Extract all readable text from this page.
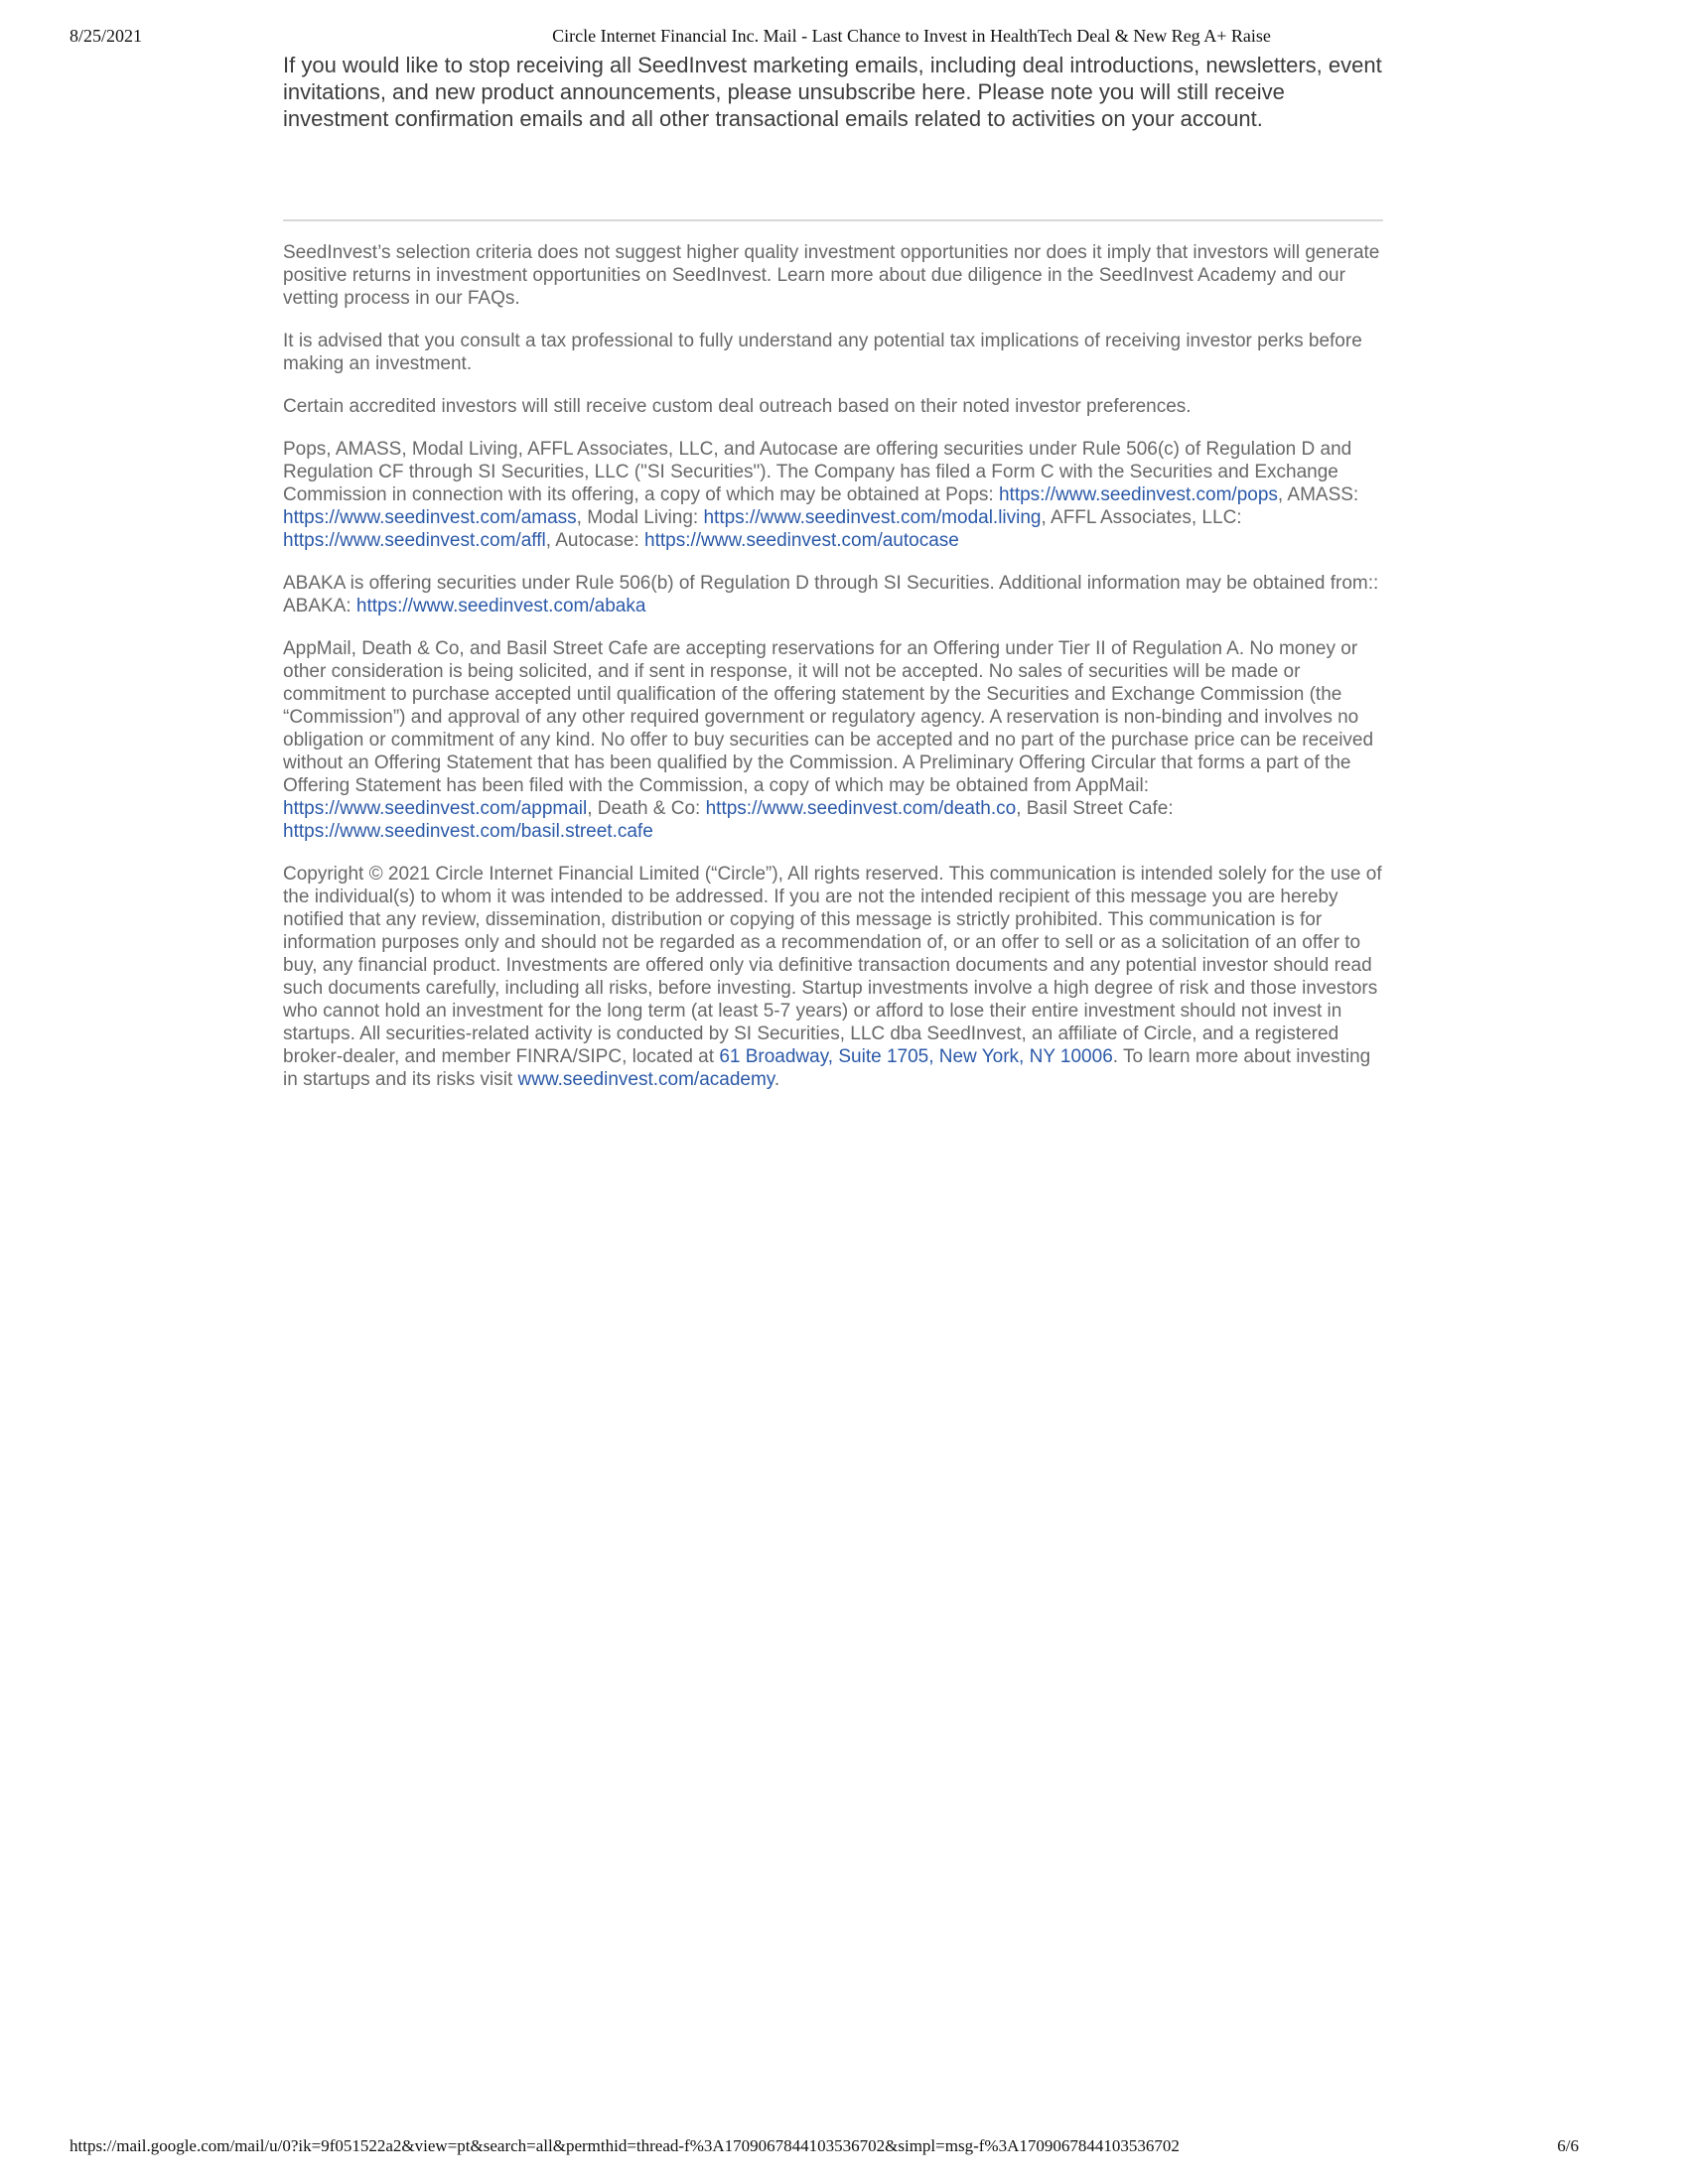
8/25/2021	Circle Internet Financial Inc. Mail - Last Chance to Invest in HealthTech Deal & New Reg A+ Raise

If you would like to stop receiving all SeedInvest marketing emails, including deal introductions, newsletters, event invitations, and new product announcements, please unsubscribe here. Please note you will still receive investment confirmation emails and all other transactional emails related to activities on your account.

SeedInvest’s selection criteria does not suggest higher quality investment opportunities nor does it imply that investors will generate positive returns in investment opportunities on SeedInvest. Learn more about due diligence in the SeedInvest Academy and our vetting process in our FAQs.

It is advised that you consult a tax professional to fully understand any potential tax implications of receiving investor perks before making an investment.

Certain accredited investors will still receive custom deal outreach based on their noted investor preferences.

Pops, AMASS, Modal Living, AFFL Associates, LLC, and Autocase are offering securities under Rule 506(c) of Regulation D and Regulation CF through SI Securities, LLC ("SI Securities"). The Company has filed a Form C with the Securities and Exchange Commission in connection with its offering, a copy of which may be obtained at Pops: https://www.seedinvest.com/pops, AMASS: https://www.seedinvest.com/amass, Modal Living: https://www.seedinvest.com/modal.living, AFFL Associates, LLC: https://www.seedinvest.com/affl, Autocase: https://www.seedinvest.com/autocase

ABAKA is offering securities under Rule 506(b) of Regulation D through SI Securities. Additional information may be obtained from:: ABAKA: https://www.seedinvest.com/abaka

AppMail, Death & Co, and Basil Street Cafe are accepting reservations for an Offering under Tier II of Regulation A. No money or other consideration is being solicited, and if sent in response, it will not be accepted. No sales of securities will be made or commitment to purchase accepted until qualification of the offering statement by the Securities and Exchange Commission (the “Commission”) and approval of any other required government or regulatory agency. A reservation is non-binding and involves no obligation or commitment of any kind. No offer to buy securities can be accepted and no part of the purchase price can be received without an Offering Statement that has been qualified by the Commission. A Preliminary Offering Circular that forms a part of the Offering Statement has been filed with the Commission, a copy of which may be obtained from AppMail: https://www.seedinvest.com/appmail, Death & Co: https://www.seedinvest.com/death.co, Basil Street Cafe: https://www.seedinvest.com/basil.street.cafe

Copyright © 2021 Circle Internet Financial Limited (“Circle”), All rights reserved. This communication is intended solely for the use of the individual(s) to whom it was intended to be addressed. If you are not the intended recipient of this message you are hereby notified that any review, dissemination, distribution or copying of this message is strictly prohibited. This communication is for information purposes only and should not be regarded as a recommendation of, or an offer to sell or as a solicitation of an offer to buy, any financial product. Investments are offered only via definitive transaction documents and any potential investor should read such documents carefully, including all risks, before investing. Startup investments involve a high degree of risk and those investors who cannot hold an investment for the long term (at least 5-7 years) or afford to lose their entire investment should not invest in startups. All securities-related activity is conducted by SI Securities, LLC dba SeedInvest, an affiliate of Circle, and a registered broker-dealer, and member FINRA/SIPC, located at 61 Broadway, Suite 1705, New York, NY 10006. To learn more about investing in startups and its risks visit www.seedinvest.com/academy.

https://mail.google.com/mail/u/0?ik=9f051522a2&view=pt&search=all&permthid=thread-f%3A1709067844103536702&simpl=msg-f%3A1709067844103536702	6/6
